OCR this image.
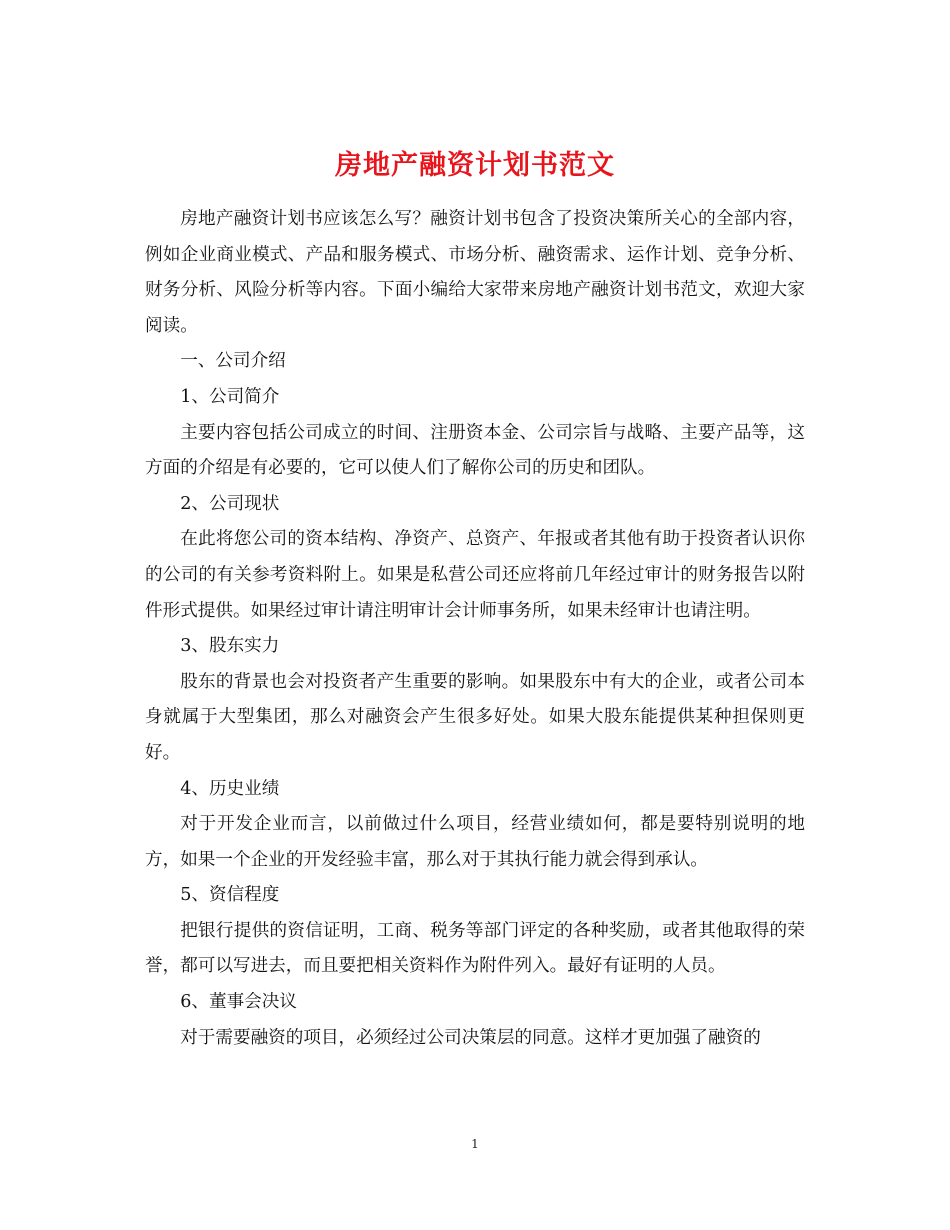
房地产融资计划书范文

房地产融资计划书应该怎么写？融资计划书包含了投资决策所关心的全部内容，例如企业商业模式、产品和服务模式、市场分析、融资需求、运作计划、竞争分析、财务分析、风险分析等内容。下面小编给大家带来房地产融资计划书范文，欢迎大家阅读。

一、公司介绍

1、公司简介

主要内容包括公司成立的时间、注册资本金、公司宗旨与战略、主要产品等，这方面的介绍是有必要的，它可以使人们了解你公司的历史和团队。

2、公司现状

在此将您公司的资本结构、净资产、总资产、年报或者其他有助于投资者认识你的公司的有关参考资料附上。如果是私营公司还应将前几年经过审计的财务报告以附件形式提供。如果经过审计请注明审计会计师事务所，如果未经审计也请注明。

3、股东实力

股东的背景也会对投资者产生重要的影响。如果股东中有大的企业，或者公司本身就属于大型集团，那么对融资会产生很多好处。如果大股东能提供某种担保则更好。

4、历史业绩

对于开发企业而言，以前做过什么项目，经营业绩如何，都是要特别说明的地方，如果一个企业的开发经验丰富，那么对于其执行能力就会得到承认。

5、资信程度

把银行提供的资信证明，工商、税务等部门评定的各种奖励，或者其他取得的荣誉，都可以写进去，而且要把相关资料作为附件列入。最好有证明的人员。

6、董事会决议

对于需要融资的项目，必须经过公司决策层的同意。这样才更加强了融资的

1
